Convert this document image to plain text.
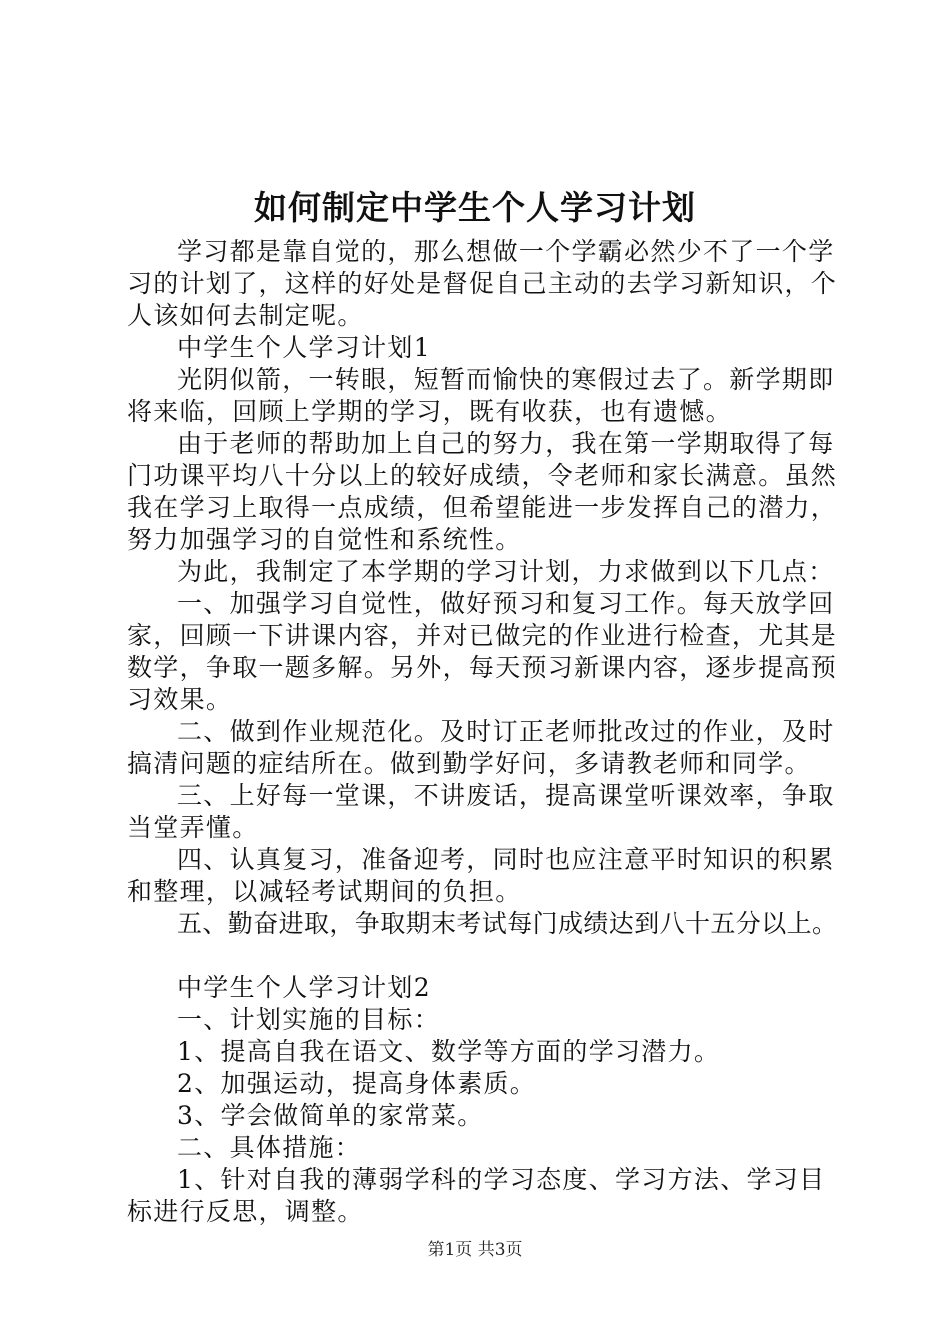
如何制定中学生个人学习计划

学习都是靠自觉的，那么想做一个学霸必然少不了一个学习的计划了，这样的好处是督促自己主动的去学习新知识，个人该如何去制定呢。

中学生个人学习计划1

光阴似箭，一转眼，短暂而愉快的寒假过去了。新学期即将来临，回顾上学期的学习，既有收获，也有遗憾。

由于老师的帮助加上自己的努力，我在第一学期取得了每门功课平均八十分以上的较好成绩，令老师和家长满意。虽然我在学习上取得一点成绩，但希望能进一步发挥自己的潜力，努力加强学习的自觉性和系统性。

为此，我制定了本学期的学习计划，力求做到以下几点：

一、加强学习自觉性，做好预习和复习工作。每天放学回家，回顾一下讲课内容，并对已做完的作业进行检查，尤其是数学，争取一题多解。另外，每天预习新课内容，逐步提高预习效果。

二、做到作业规范化。及时订正老师批改过的作业，及时搞清问题的症结所在。做到勤学好问，多请教老师和同学。

三、上好每一堂课，不讲废话，提高课堂听课效率，争取当堂弄懂。

四、认真复习，准备迎考，同时也应注意平时知识的积累和整理，以减轻考试期间的负担。

五、勤奋进取，争取期末考试每门成绩达到八十五分以上。

中学生个人学习计划2

一、计划实施的目标：

1、提高自我在语文、数学等方面的学习潜力。

2、加强运动，提高身体素质。

3、学会做简单的家常菜。

二、具体措施：

1、针对自我的薄弱学科的学习态度、学习方法、学习目标进行反思，调整。

第1页 共3页
